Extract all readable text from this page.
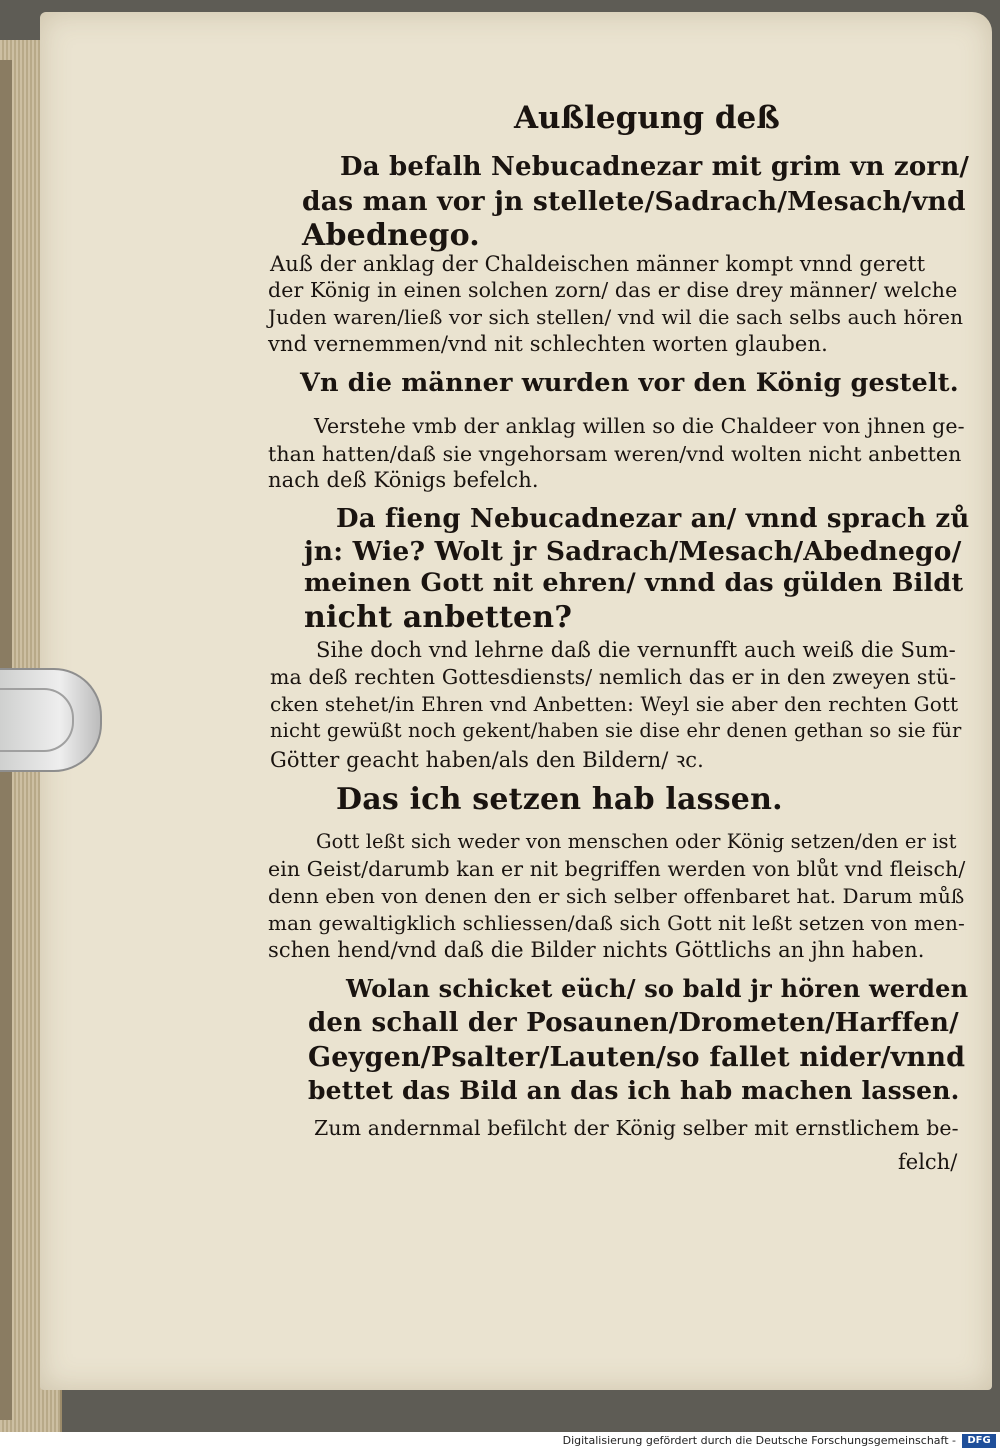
Außlegung deß
Da befalh Nebucadnezar mit grim vn zorn/
das man vor jn stellete/Sadrach/Mesach/vnd
Abednego.
Auß der anklag der Chaldeischen männer kompt vnnd gerett
der König in einen solchen zorn/ das er dise drey männer/ welche
Juden waren/ließ vor sich stellen/ vnd wil die sach selbs auch hören
vnd vernemmen/vnd nit schlechten worten glauben.
Vn die männer wurden vor den König gestelt.
Verstehe vmb der anklag willen so die Chaldeer von jhnen ge-
than hatten/daß sie vngehorsam weren/vnd wolten nicht anbetten
nach deß Königs befelch.
Da fieng Nebucadnezar an/ vnnd sprach zů
jn: Wie? Wolt jr Sadrach/Mesach/Abednego/
meinen Gott nit ehren/ vnnd das gülden Bildt
nicht anbetten?
Sihe doch vnd lehrne daß die vernunfft auch weiß die Sum-
ma deß rechten Gottesdiensts/ nemlich das er in den zweyen stü-
cken stehet/in Ehren vnd Anbetten: Weyl sie aber den rechten Gott
nicht gewüßt noch gekent/haben sie dise ehr denen gethan so sie für
Götter geacht haben/als den Bildern/ ꝛc.
Das ich setzen hab lassen.
Gott leßt sich weder von menschen oder König setzen/den er ist
ein Geist/darumb kan er nit begriffen werden von blůt vnd fleisch/
denn eben von denen den er sich selber offenbaret hat. Darum můß
man gewaltigklich schliessen/daß sich Gott nit leßt setzen von men-
schen hend/vnd daß die Bilder nichts Göttlichs an jhn haben.
Wolan schicket eüch/ so bald jr hören werden
den schall der Posaunen/Drometen/Harffen/
Geygen/Psalter/Lauten/so fallet nider/vnnd
bettet das Bild an das ich hab machen lassen.
Zum andernmal befilcht der König selber mit ernstlichem be-
felch/
Digitalisierung gefördert durch die Deutsche Forschungsgemeinschaft -	DFG
